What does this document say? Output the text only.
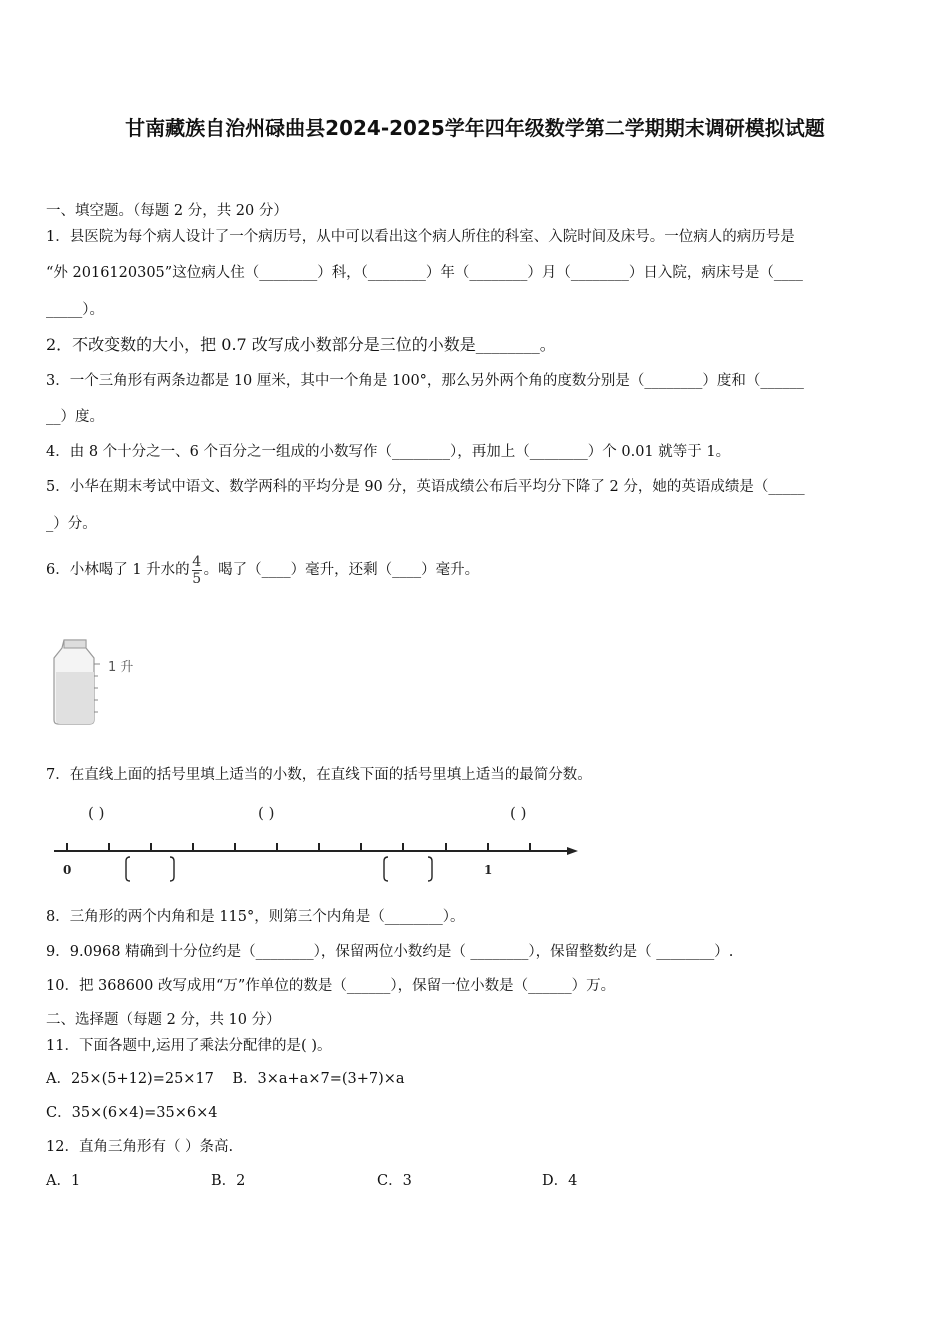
甘南藏族自治州碌曲县2024-2025学年四年级数学第二学期期末调研模拟试题
一、填空题。（每题 2 分，共 20 分）
1．县医院为每个病人设计了一个病历号，从中可以看出这个病人所住的科室、入院时间及床号。一位病人的病历号是
“外 2016120305”这位病人住（________）科，（________）年（________）月（________）日入院，病床号是（____
_____）。
2．不改变数的大小，把 0.7 改写成小数部分是三位的小数是________。
3．一个三角形有两条边都是 10 厘米，其中一个角是 100°，那么另外两个角的度数分别是（________）度和（______
__）度。
4．由 8 个十分之一、6 个百分之一组成的小数写作（________），再加上（________）个 0.01 就等于 1。
5．小华在期末考试中语文、数学两科的平均分是 90 分，英语成绩公布后平均分下降了 2 分，她的英语成绩是（_____
_）分。
6．小林喝了 1 升水的 $\frac{4}{5}$ 。喝了（____）毫升，还剩（____）毫升。
1 升
7．在直线上面的括号里填上适当的小数，在直线下面的括号里填上适当的最简分数。
( )	( )	( )
0	1
8．三角形的两个内角和是 115°，则第三个内角是（________）。
9．9.0968 精确到十分位约是（________），保留两位小数约是（ ________），保留整数约是（ ________）.
10．把 368600 改写成用“万”作单位的数是（______），保留一位小数是（______）万。
二、选择题（每题 2 分，共 10 分）
11．下面各题中,运用了乘法分配律的是( )。
A．25×(5+12)=25×17    B．3×a+a×7=(3+7)×a
C．35×(6×4)=35×6×4
12．直角三角形有（ ）条高.
A．1	B．2	C．3	D．4
